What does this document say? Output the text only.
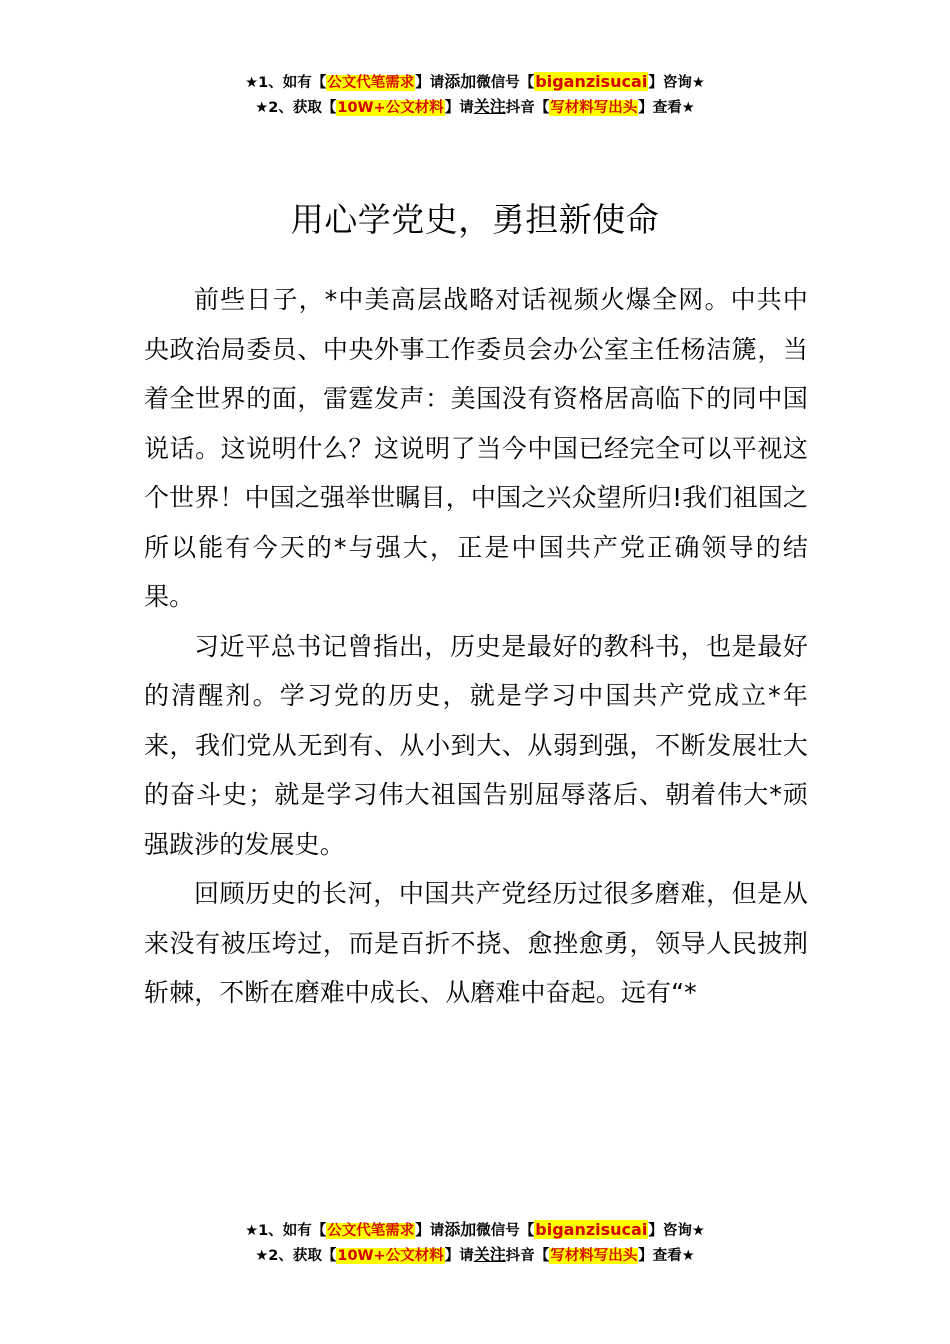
★1、如有【公文代笔需求】请添加微信号【biganzisucai】咨询★
★2、获取【10W+公文材料】请关注抖音【写材料写出头】查看★
用心学党史，勇担新使命

前些日子，*中美高层战略对话视频火爆全网。中共中央政治局委员、中央外事工作委员会办公室主任杨洁篪，当着全世界的面，雷霆发声：美国没有资格居高临下的同中国说话。这说明什么？这说明了当今中国已经完全可以平视这个世界！中国之强举世瞩目，中国之兴众望所归!我们祖国之所以能有今天的*与强大，正是中国共产党正确领导的结果。

习近平总书记曾指出，历史是最好的教科书，也是最好的清醒剂。学习党的历史，就是学习中国共产党成立*年来，我们党从无到有、从小到大、从弱到强，不断发展壮大的奋斗史；就是学习伟大祖国告别屈辱落后、朝着伟大*顽强跋涉的发展史。

回顾历史的长河，中国共产党经历过很多磨难，但是从来没有被压垮过，而是百折不挠、愈挫愈勇，领导人民披荆斩棘，不断在磨难中成长、从磨难中奋起。远有“*

★1、如有【公文代笔需求】请添加微信号【biganzisucai】咨询★
★2、获取【10W+公文材料】请关注抖音【写材料写出头】查看★
